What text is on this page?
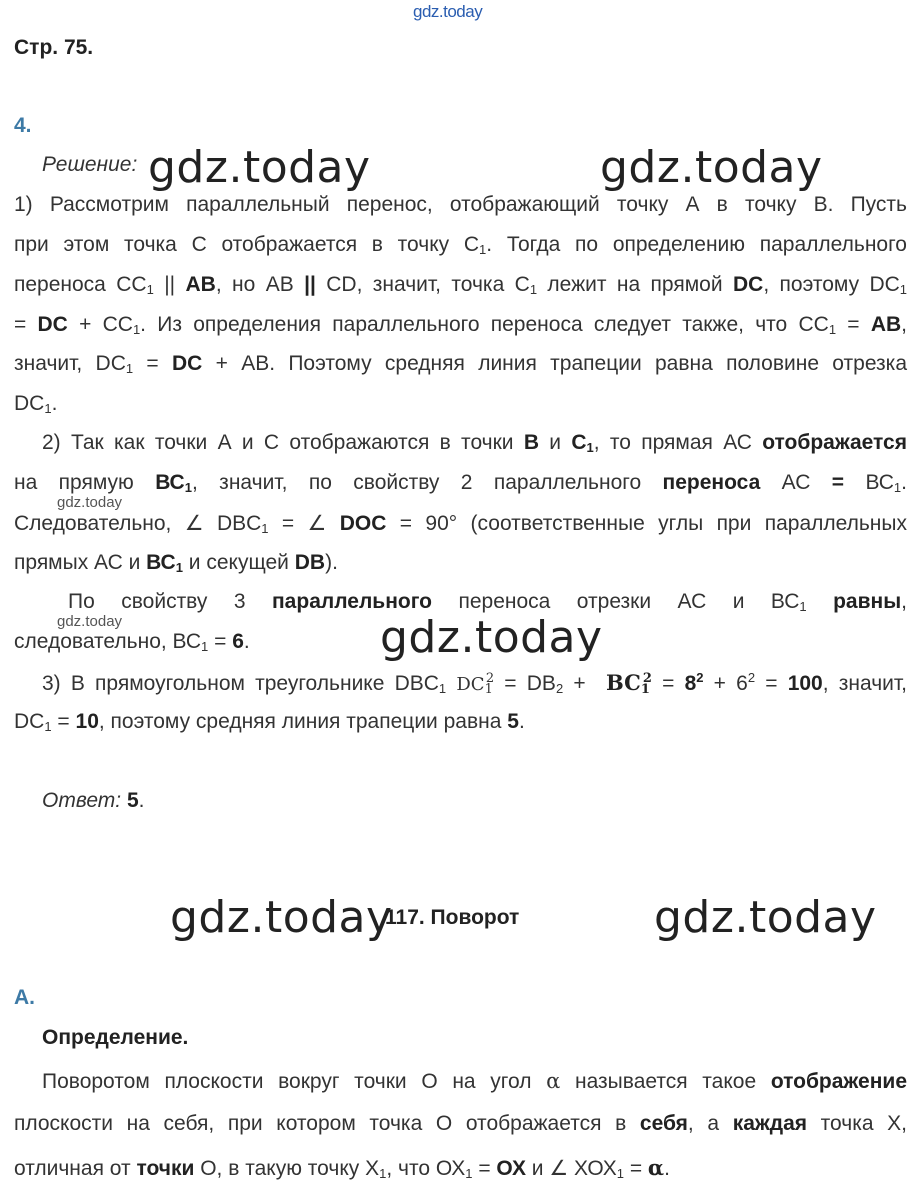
gdz.today
Стр. 75.
4.
Решение: gdz.today	gdz.today
1) Рассмотрим параллельный перенос, отображающий точку А в точку В. Пусть
при этом точка С отображается в точку $С_1$. Тогда по определению параллельного
переноса $СС_1$ || АВ, но АВ || CD, значит, точка $С_1$ лежит на прямой DC, поэтому $DC_1$
= DC + $СС_1$. Из определения параллельного переноса следует также, что $СС_1$ = АВ,
значит, $DC_1$ = DC + АВ. Поэтому средняя линия трапеции равна половине отрезка
$DC_1$.
2) Так как точки А и С отображаются в точки В и $С_1$, то прямая АС отображается
на прямую $ВС_1$, значит, по свойству 2 параллельного переноса АС = $ВС_1$.
gdz.today
Следовательно, ∠ $DBC_1$ = ∠ DOC = 90° (соответственные углы при параллельных
прямых АС и $ВС_1$ и секущей DB).
По свойству 3 параллельного переноса отрезки АС и $ВС_1$ равны,
gdz.today
следовательно, $ВС_1 = 6$.	gdz.today
3) В прямоугольном треугольнике $DBC_1$ $DC_1^2 = DB_2 + BC_1^2 = 8^2 + 6^2 = 100$, значит,
$DC_1 = 10$, поэтому средняя линия трапеции равна 5.
Ответ: 5.
gdz.today
117. Поворот	gdz.today
А.
Определение.
Поворотом плоскости вокруг точки О на угол α называется такое отображение
плоскости на себя, при котором точка О отображается в себя, а каждая точка Х,
отличная от точки О, в такую точку $Х_1$, что $ОХ_1$ = ОХ и ∠ $ХОХ_1 = \alpha$.
